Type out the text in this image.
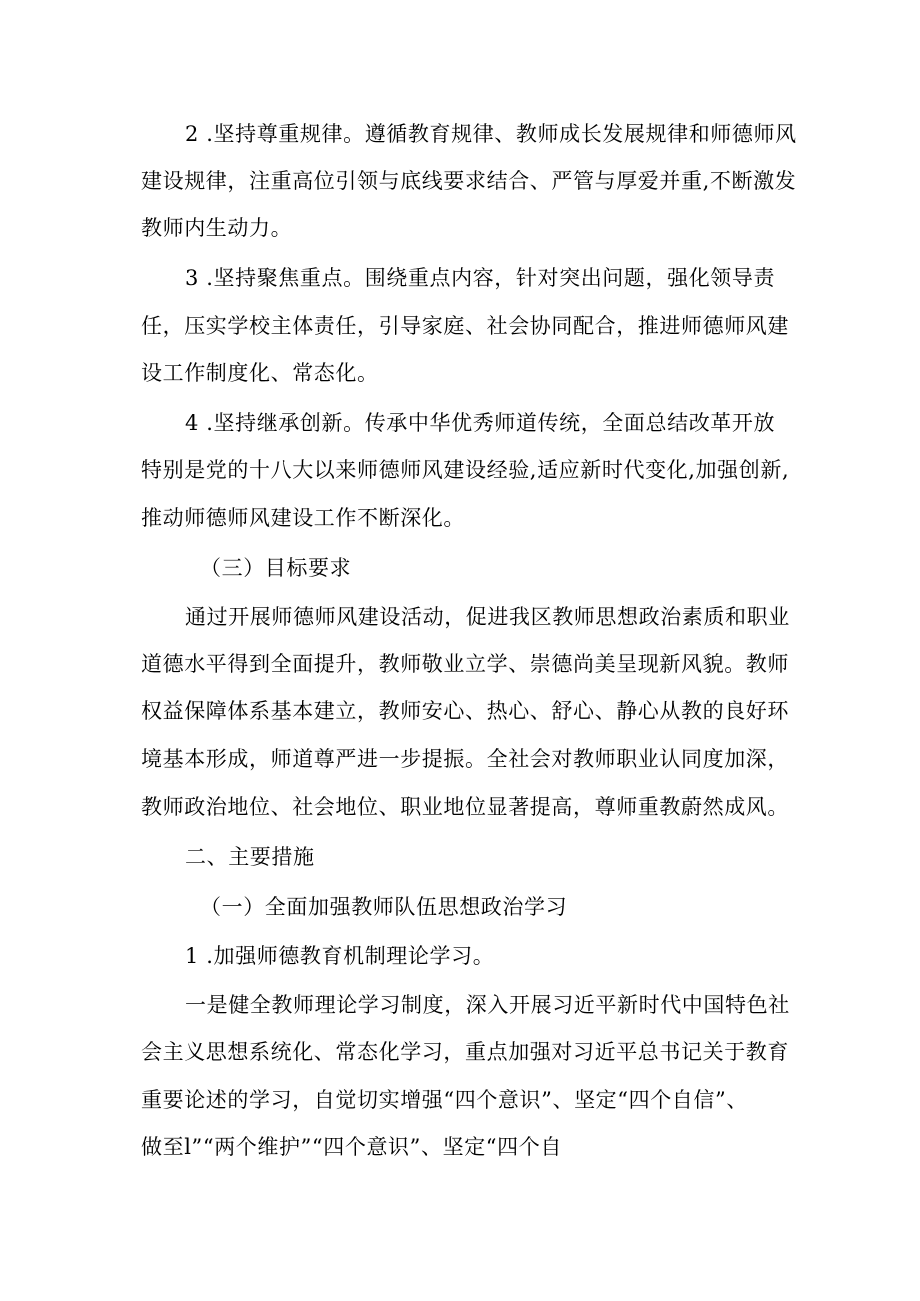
2 .坚持尊重规律。遵循教育规律、教师成长发展规律和师德师风
建设规律，注重高位引领与底线要求结合、严管与厚爱并重,不断激发
教师内生动力。
3 .坚持聚焦重点。围绕重点内容，针对突出问题，强化领导责
任，压实学校主体责任，引导家庭、社会协同配合，推进师德师风建
设工作制度化、常态化。
4 .坚持继承创新。传承中华优秀师道传统，全面总结改革开放
特别是党的十八大以来师德师风建设经验,适应新时代变化,加强创新,
推动师德师风建设工作不断深化。
（三）目标要求
通过开展师德师风建设活动，促进我区教师思想政治素质和职业
道德水平得到全面提升，教师敬业立学、崇德尚美呈现新风貌。教师
权益保障体系基本建立，教师安心、热心、舒心、静心从教的良好环
境基本形成，师道尊严进一步提振。全社会对教师职业认同度加深，
教师政治地位、社会地位、职业地位显著提高，尊师重教蔚然成风。
二、主要措施
（一）全面加强教师队伍思想政治学习
1 .加强师德教育机制理论学习。
一是健全教师理论学习制度，深入开展习近平新时代中国特色社
会主义思想系统化、常态化学习，重点加强对习近平总书记关于教育
重要论述的学习，自觉切实增强“四个意识”、坚定“四个自信”、
做至l”“两个维护”“四个意识”、坚定“四个自
